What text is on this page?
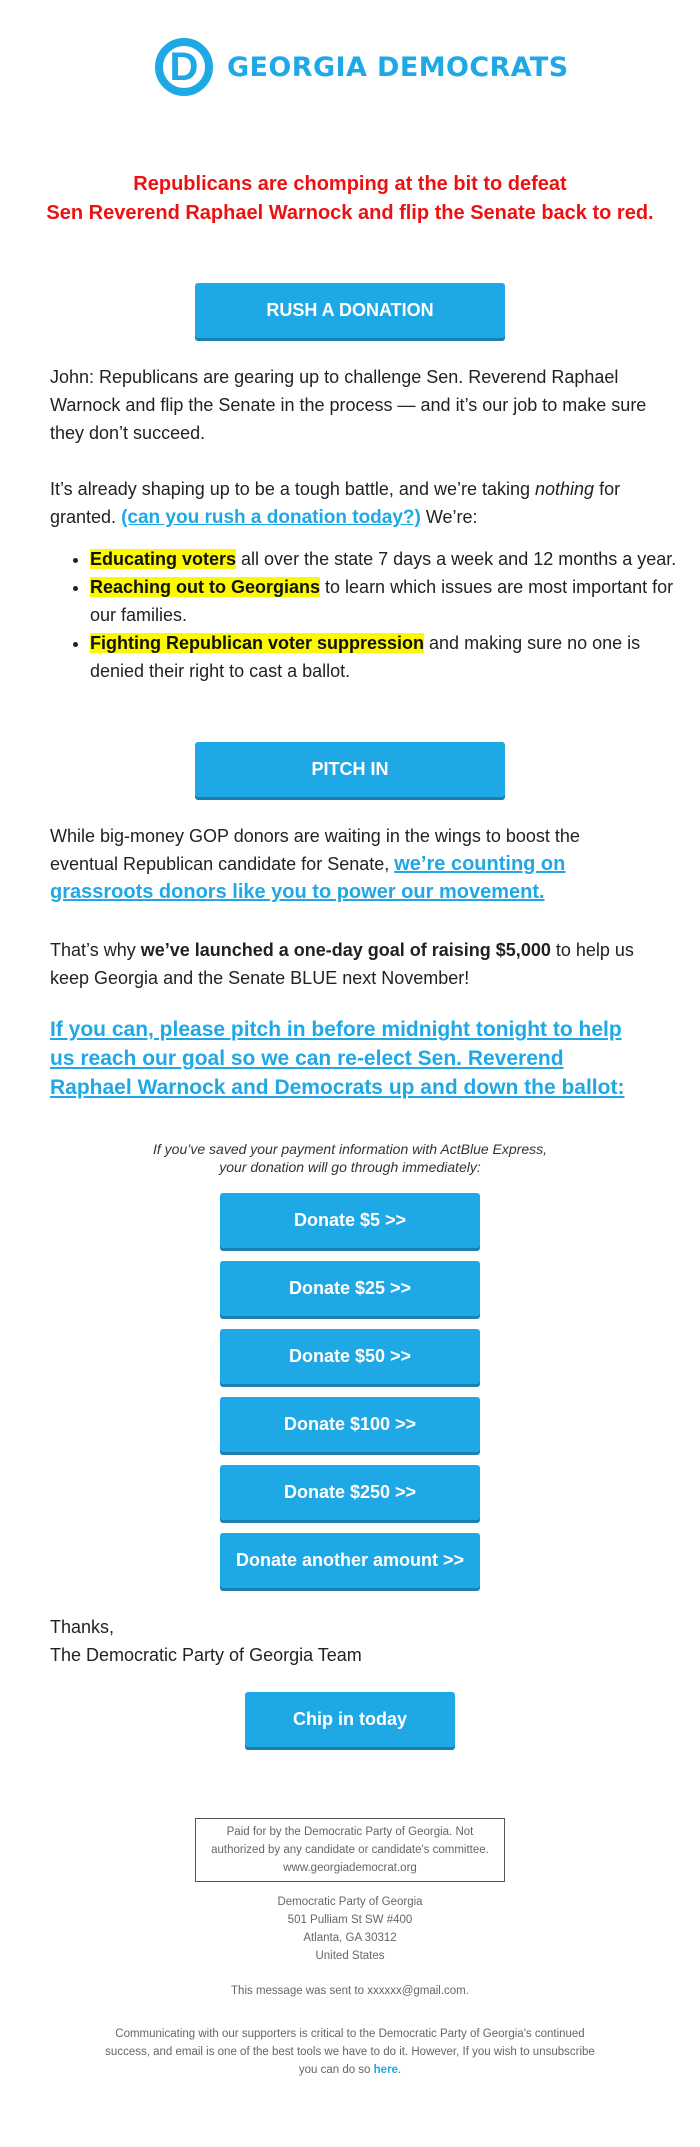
D	GEORGIA DEMOCRATS
Republicans are chomping at the bit to defeat
Sen Reverend Raphael Warnock and flip the Senate back to red.
RUSH A DONATION
John: Republicans are gearing up to challenge Sen. Reverend Raphael Warnock and flip the Senate in the process — and it’s our job to make sure they don’t succeed.
It’s already shaping up to be a tough battle, and we’re taking nothing for granted. (can you rush a donation today?) We’re:
• Educating voters all over the state 7 days a week and 12 months a year.
• Reaching out to Georgians to learn which issues are most important for our families.
• Fighting Republican voter suppression and making sure no one is denied their right to cast a ballot.
PITCH IN
While big-money GOP donors are waiting in the wings to boost the eventual Republican candidate for Senate, we’re counting on grassroots donors like you to power our movement.
That’s why we’ve launched a one-day goal of raising $5,000 to help us keep Georgia and the Senate BLUE next November!
If you can, please pitch in before midnight tonight to help us reach our goal so we can re-elect Sen. Reverend Raphael Warnock and Democrats up and down the ballot:
If you’ve saved your payment information with ActBlue Express,
your donation will go through immediately:
Donate $5 >>
Donate $25 >>
Donate $50 >>
Donate $100 >>
Donate $250 >>
Donate another amount >>
Thanks,
The Democratic Party of Georgia Team
Chip in today
Paid for by the Democratic Party of Georgia. Not authorized by any candidate or candidate's committee.
www.georgiademocrat.org
Democratic Party of Georgia
501 Pulliam St SW #400
Atlanta, GA 30312
United States
This message was sent to xxxxxx@gmail.com.
Communicating with our supporters is critical to the Democratic Party of Georgia's continued success, and email is one of the best tools we have to do it. However, If you wish to unsubscribe you can do so here.
